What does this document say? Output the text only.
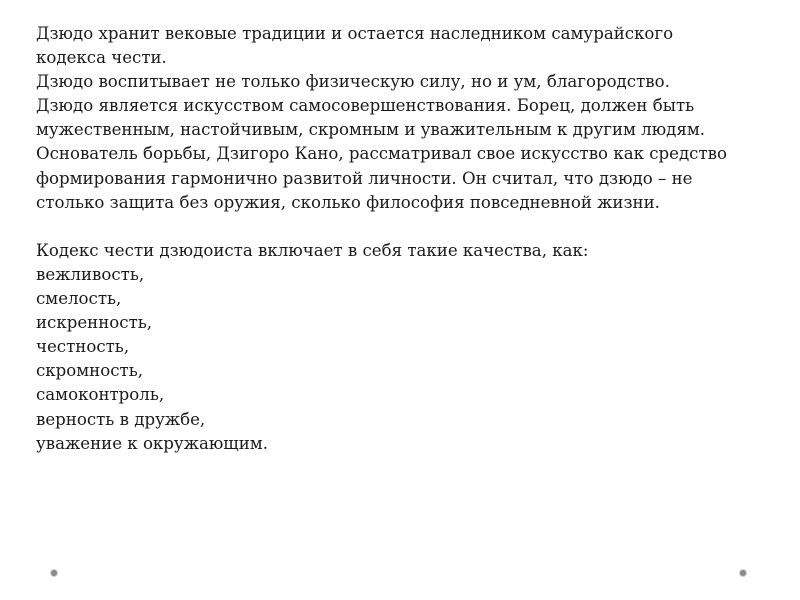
Дзюдо хранит вековые традиции и остается наследником самурайского
кодекса чести.
Дзюдо воспитывает не только физическую силу, но и ум, благородство.
Дзюдо является искусством самосовершенствования. Борец, должен быть
мужественным, настойчивым, скромным и уважительным к другим людям.
Основатель борьбы, Дзигоро Кано, рассматривал свое искусство как средство
формирования гармонично развитой личности. Он считал, что дзюдо – не
столько защита без оружия, сколько философия повседневной жизни.
Кодекс чести дзюдоиста включает в себя такие качества, как:
вежливость,
смелость,
искренность,
честность,
скромность,
самоконтроль,
верность в дружбе,
уважение к окружающим.
